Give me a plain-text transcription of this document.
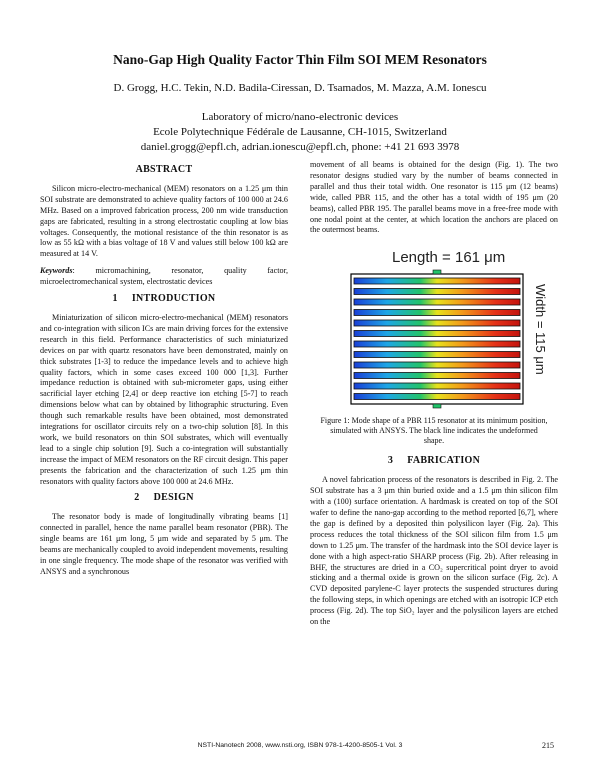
Nano-Gap High Quality Factor Thin Film SOI MEM Resonators
D. Grogg, H.C. Tekin, N.D. Badila-Ciressan, D. Tsamados, M. Mazza, A.M. Ionescu
Laboratory of micro/nano-electronic devices
Ecole Polytechnique Fédérale de Lausanne, CH-1015, Switzerland
daniel.grogg@epfl.ch, adrian.ionescu@epfl.ch, phone: +41 21 693 3978
ABSTRACT

Silicon micro-electro-mechanical (MEM) resonators on a 1.25 μm thin SOI substrate are demonstrated to achieve quality factors of 100 000 at 24.6 MHz. Based on a improved fabrication process, 200 nm wide transduction gaps are fabricated, resulting in a strong electrostatic coupling at low bias voltages. Consequently, the motional resistance of the thin resonator is as low as 55 kΩ with a bias voltage of 18 V and values still below 100 kΩ are measured at 14 V.

Keywords: micromachining, resonator, quality factor, microelectromechanical system, electrostatic devices

1 INTRODUCTION

Miniaturization of silicon micro-electro-mechanical (MEM) resonators and co-integration with silicon ICs are main driving forces for the extensive research in this field. Performance characteristics of such miniaturized devices on par with quartz resonators have been demonstrated, mainly on thick substrates [1-3] to reduce the impedance levels and to achieve high quality factors, which in some cases exceed 100 000 [1,3]. Further impedance reduction is obtained with sub-micrometer gaps, using either sacrificial layer etching [2,4] or deep reactive ion etching [5-7] to reach dimensions below what can by obtained by lithographic structuring. Even though such remarkable results have been obtained, most demonstrated integrations for oscillator circuits rely on a two-chip solution [8]. In this work, we build resonators on thin SOI substrates, which will eventually lead to a single chip solution [9]. Such a co-integration will substantially increase the impact of MEM resonators on the RF circuit design. This paper presents the fabrication and the characterization of such 1.25 μm thin resonators with quality factors above 100 000 at 24.6 MHz.

2 DESIGN

The resonator body is made of longitudinally vibrating beams [1] connected in parallel, hence the name parallel beam resonator (PBR). The single beams are 161 μm long, 5 μm wide and separated by 5 μm. The beams are mechanically coupled to avoid independent movements, resulting in one single frequency. The mode shape of the resonator was verified with ANSYS and a synchronous

movement of all beams is obtained for the design (Fig. 1). The two resonator designs studied vary by the number of beams connected in parallel and thus their total width. One resonator is 115 μm (12 beams) wide, called PBR 115, and the other has a total width of 195 μm (20 beams), called PBR 195. The parallel beams move in a free-free mode with one nodal point at the center, at which location the anchors are placed on the outermost beams.

Length = 161 μm
Width = 115 μm
Figure 1: Mode shape of a PBR 115 resonator at its minimum position, simulated with ANSYS. The black line indicates the undeformed shape.
3 FABRICATION

A novel fabrication process of the resonators is described in Fig. 2. The SOI substrate has a 3 μm thin buried oxide and a 1.5 μm thin silicon film with a (100) surface orientation. A hardmask is created on top of the SOI wafer to define the nano-gap according to the method reported [6,7], where the gap is defined by a deposited thin polysilicon layer (Fig. 2a). This process reduces the total thickness of the SOI silicon film from 1.5 μm down to 1.25 μm. The transfer of the hardmask into the SOI device layer is done with a high aspect-ratio SHARP process (Fig. 2b). After releasing in BHF, the structures are dried in a CO₂ supercritical point dryer to avoid sticking and a thermal oxide is grown on the silicon surface (Fig. 2c). A CVD deposited parylene-C layer protects the suspended structures during the following steps, in which openings are etched with an isotropic ICP etch process (Fig. 2d). The top SiO₂ layer and the polysilicon layers are etched on the

NSTI-Nanotech 2008, www.nsti.org, ISBN 978-1-4200-8505-1 Vol. 3	215
